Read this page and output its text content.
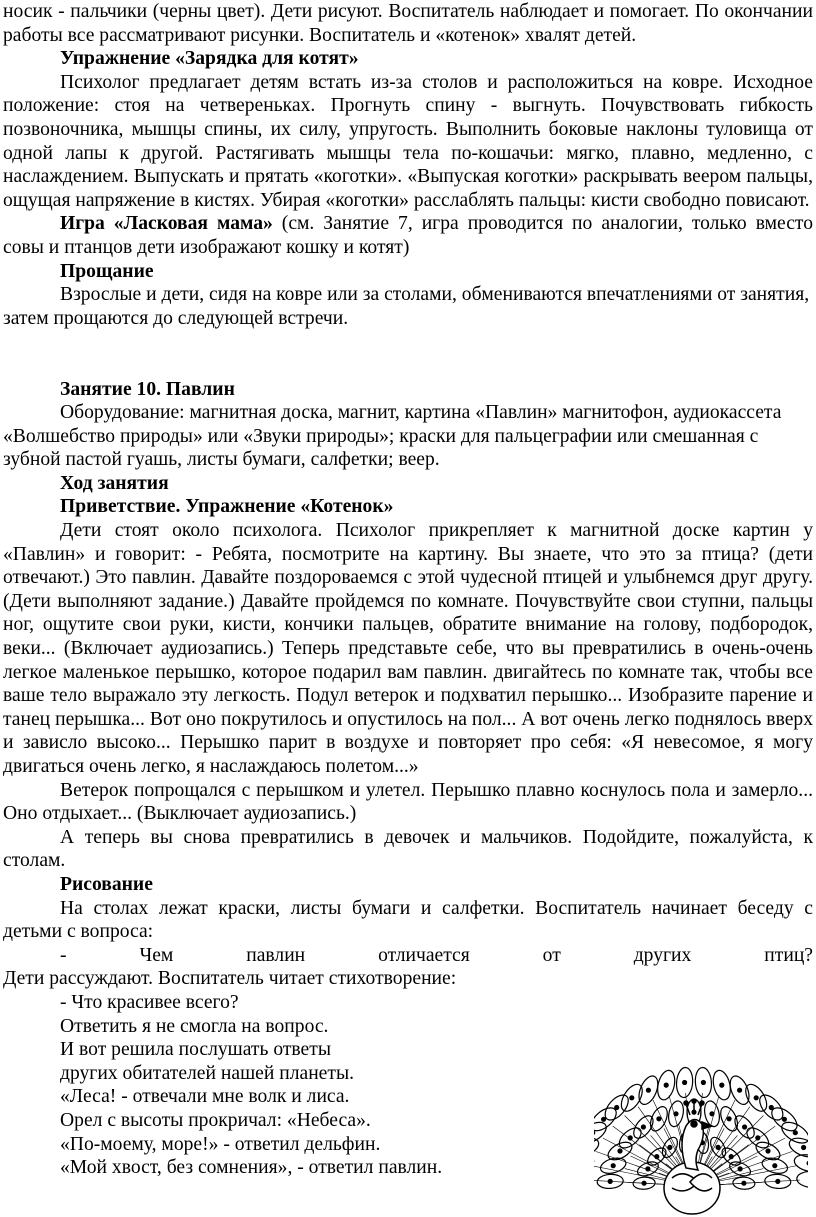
носик - пальчики (черны цвет). Дети рисуют. Воспитатель наблюдает и помогает. По окончании работы все рассматривают рисунки. Воспитатель и «котенок» хвалят детей.

Упражнение «Зарядка для котят»

Психолог предлагает детям встать из-за столов и расположиться на ковре. Исходное положение: стоя на четвереньках. Прогнуть спину - выгнуть. Почувствовать гибкость позвоночника, мышцы спины, их силу, упругость. Выполнить боковые наклоны туловища от одной лапы к другой. Растягивать мышцы тела по-кошачьи: мягко, плавно, медленно, с наслаждением. Выпускать и прятать «коготки». «Выпуская коготки» раскрывать веером пальцы, ощущая напряжение в кистях. Убирая «коготки» расслаблять пальцы: кисти свободно повисают.

Игра «Ласковая мама» (см. Занятие 7, игра проводится по аналогии, только вместо совы и птанцов дети изображают кошку и котят)

Прощание

Взрослые и дети, сидя на ковре или за столами, обмениваются впечатлениями от занятия, затем прощаются до следующей встречи.

Занятие 10. Павлин

Оборудование: магнитная доска, магнит, картина «Павлин» магнитофон, аудиокассета «Волшебство природы» или «Звуки природы»; краски для пальцеграфии или смешанная с зубной пастой гуашь, листы бумаги, салфетки; веер.

Ход занятия

Приветствие. Упражнение «Котенок»

Дети стоят около психолога. Психолог прикрепляет к магнитной доске картин у «Павлин» и говорит: - Ребята, посмотрите на картину. Вы знаете, что это за птица? (дети отвечают.) Это павлин. Давайте поздороваемся с этой чудесной птицей и улыбнемся друг другу. (Дети выполняют задание.) Давайте пройдемся по комнате. Почувствуйте свои ступни, пальцы ног, ощутите свои руки, кисти, кончики пальцев, обратите внимание на голову, подбородок, веки... (Включает аудиозапись.) Теперь представьте себе, что вы превратились в очень-очень легкое маленькое перышко, которое подарил вам павлин. двигайтесь по комнате так, чтобы все ваше тело выражало эту легкость. Подул ветерок и подхватил перышко... Изобразите парение и танец перышка... Вот оно покрутилось и опустилось на пол... А вот очень легко поднялось вверх и зависло высоко... Перышко парит в воздухе и повторяет про себя: «Я невесомое, я могу двигаться очень легко, я наслаждаюсь полетом...»

Ветерок попрощался с перышком и улетел. Перышко плавно коснулось пола и замерло... Оно отдыхает... (Выключает аудиозапись.)

А теперь вы снова превратились в девочек и мальчиков. Подойдите, пожалуйста, к столам.

Рисование

На столах лежат краски, листы бумаги и салфетки. Воспитатель начинает беседу с детьми с вопроса:

- Чем павлин отличается от других птиц?

Дети рассуждают. Воспитатель читает стихотворение:

- Что красивее всего?

Ответить я не смогла на вопрос.

И вот решила послушать ответы

других обитателей нашей планеты.

«Леса! - отвечали мне волк и лиса.

Орел с высоты прокричал: «Небеса».

«По-моему, море!» - ответил дельфин.

«Мой хвост, без сомнения», - ответил павлин.
